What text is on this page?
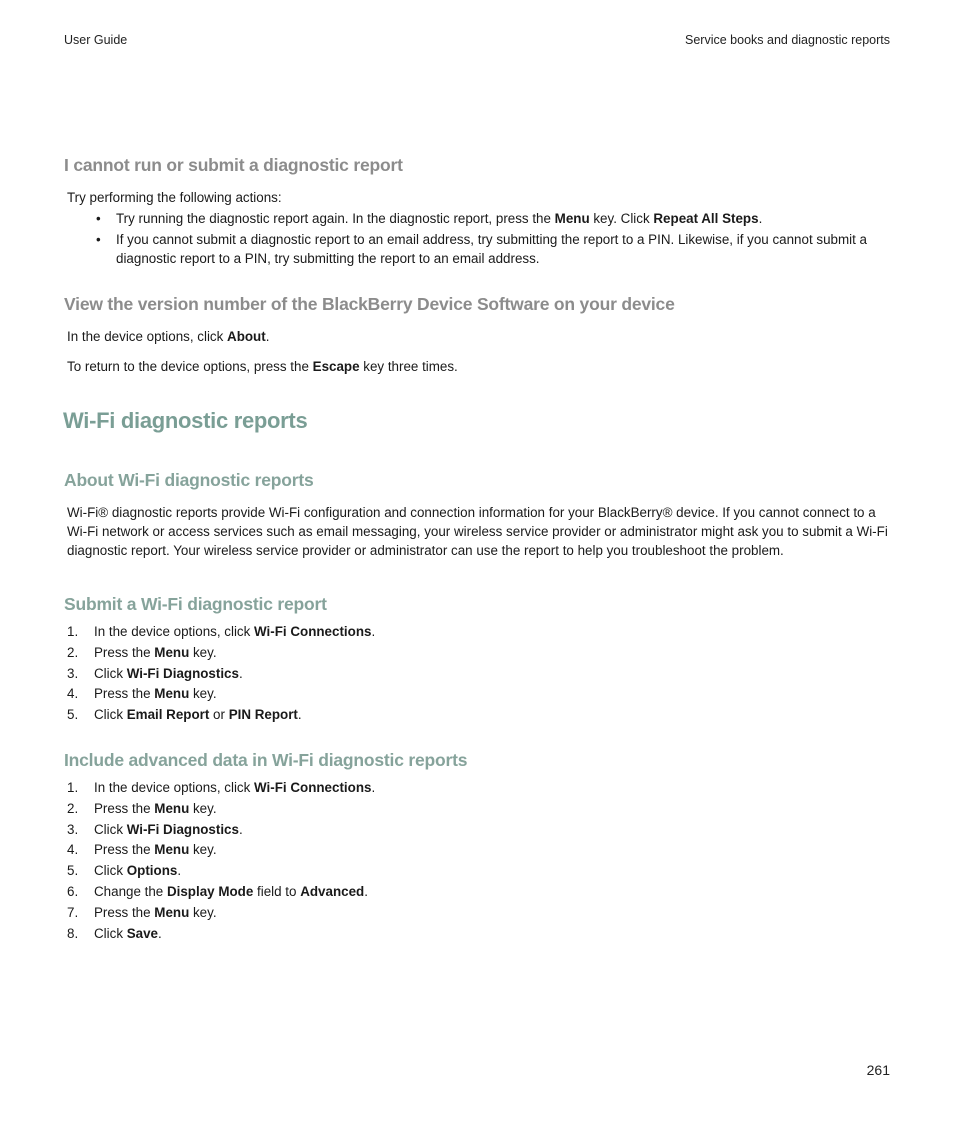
User Guide	Service books and diagnostic reports
I cannot run or submit a diagnostic report

Try performing the following actions:

• Try running the diagnostic report again. In the diagnostic report, press the Menu key. Click Repeat All Steps.
• If you cannot submit a diagnostic report to an email address, try submitting the report to a PIN. Likewise, if you cannot submit a diagnostic report to a PIN, try submitting the report to an email address.
View the version number of the BlackBerry Device Software on your device

In the device options, click About.

To return to the device options, press the Escape key three times.

Wi-Fi diagnostic reports
About Wi-Fi diagnostic reports

Wi-Fi® diagnostic reports provide Wi-Fi configuration and connection information for your BlackBerry® device. If you cannot connect to a Wi-Fi network or access services such as email messaging, your wireless service provider or administrator might ask you to submit a Wi-Fi diagnostic report. Your wireless service provider or administrator can use the report to help you troubleshoot the problem.

Submit a Wi-Fi diagnostic report
1. In the device options, click Wi-Fi Connections.
2. Press the Menu key.
3. Click Wi-Fi Diagnostics.
4. Press the Menu key.
5. Click Email Report or PIN Report.
Include advanced data in Wi-Fi diagnostic reports
1. In the device options, click Wi-Fi Connections.
2. Press the Menu key.
3. Click Wi-Fi Diagnostics.
4. Press the Menu key.
5. Click Options.
6. Change the Display Mode field to Advanced.
7. Press the Menu key.
8. Click Save.
261
